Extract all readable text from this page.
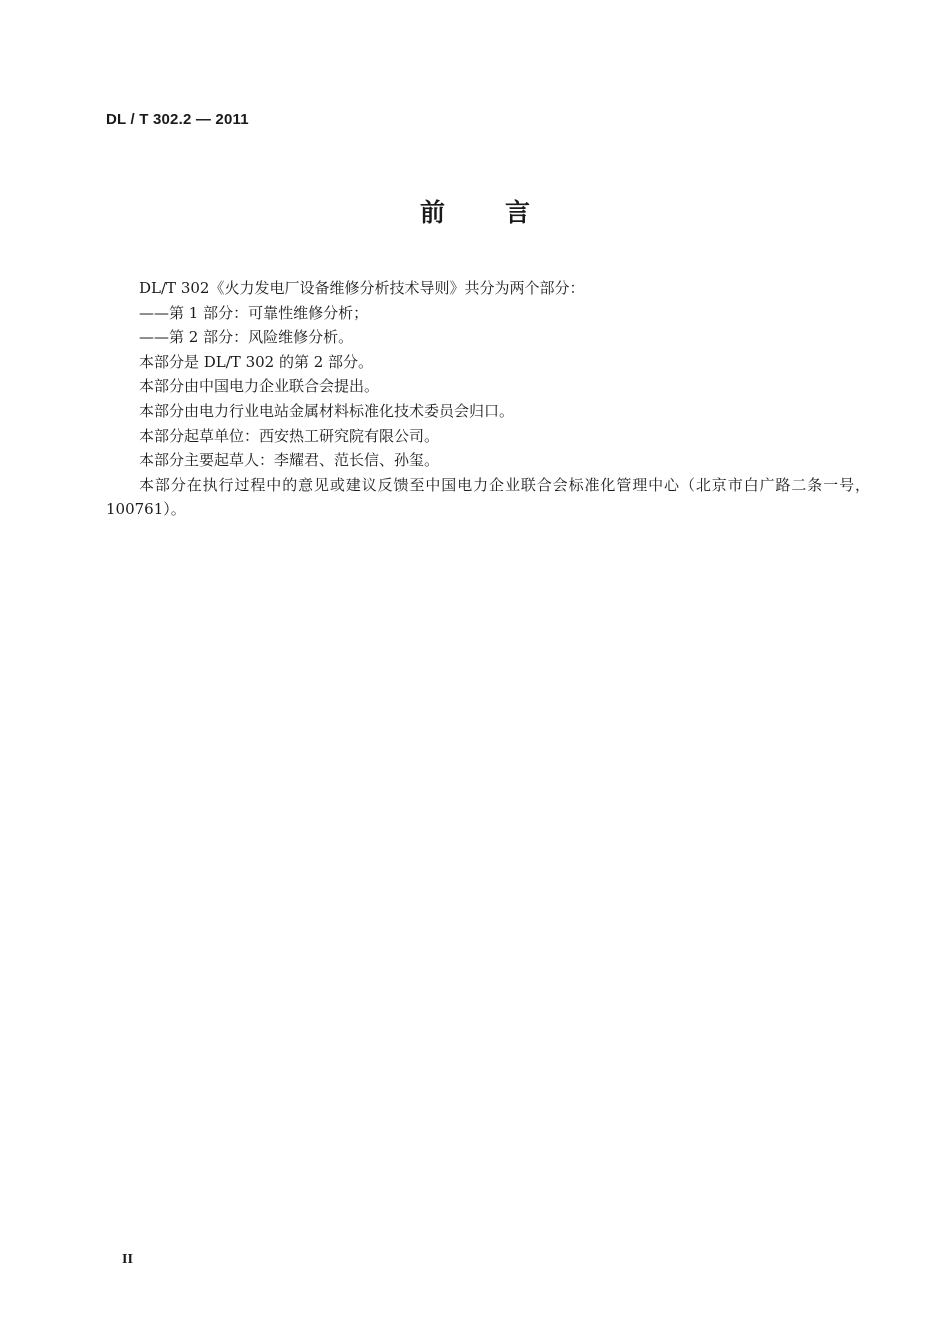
DL / T 302.2 — 2011
前言

DL/T 302《火力发电厂设备维修分析技术导则》共分为两个部分：

——第 1 部分：可靠性维修分析；

——第 2 部分：风险维修分析。

本部分是 DL/T 302 的第 2 部分。

本部分由中国电力企业联合会提出。

本部分由电力行业电站金属材料标准化技术委员会归口。

本部分起草单位：西安热工研究院有限公司。

本部分主要起草人：李耀君、范长信、孙玺。

本部分在执行过程中的意见或建议反馈至中国电力企业联合会标准化管理中心（北京市白广路二条一号，100761）。

II
